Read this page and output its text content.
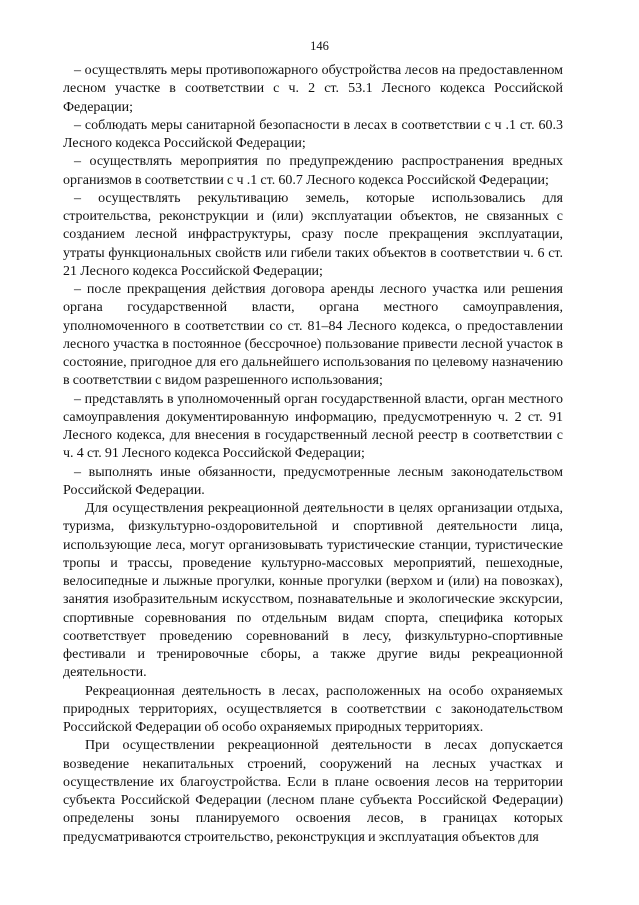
146

– осуществлять меры противопожарного обустройства лесов на предоставленном лесном участке в соответствии с ч. 2 ст. 53.1 Лесного кодекса Российской Федерации;

– соблюдать меры санитарной безопасности в лесах в соответствии с ч .1 ст. 60.3 Лесного кодекса Российской Федерации;

– осуществлять мероприятия по предупреждению распространения вредных организмов в соответствии с ч .1 ст. 60.7 Лесного кодекса Российской Федерации;

– осуществлять рекультивацию земель, которые использовались для строительства, реконструкции и (или) эксплуатации объектов, не связанных с созданием лесной инфраструктуры, сразу после прекращения эксплуатации, утраты функциональных свойств или гибели таких объектов в соответствии ч. 6 ст. 21 Лесного кодекса Российской Федерации;

– после прекращения действия договора аренды лесного участка или решения органа государственной власти, органа местного самоуправления, уполномоченного в соответствии со ст. 81–84 Лесного кодекса, о предоставлении лесного участка в постоянное (бессрочное) пользование привести лесной участок в состояние, пригодное для его дальнейшего использования по целевому назначению в соответствии с видом разрешенного использования;

– представлять в уполномоченный орган государственной власти, орган местного самоуправления документированную информацию, предусмотренную ч. 2 ст. 91 Лесного кодекса, для внесения в государственный лесной реестр в соответствии с ч. 4 ст. 91 Лесного кодекса Российской Федерации;

– выполнять иные обязанности, предусмотренные лесным законодательством Российской Федерации.

Для осуществления рекреационной деятельности в целях организации отдыха, туризма, физкультурно-оздоровительной и спортивной деятельности лица, использующие леса, могут организовывать туристические станции, туристические тропы и трассы, проведение культурно-массовых мероприятий, пешеходные, велосипедные и лыжные прогулки, конные прогулки (верхом и (или) на повозках), занятия изобразительным искусством, познавательные и экологические экскурсии, спортивные соревнования по отдельным видам спорта, специфика которых соответствует проведению соревнований в лесу, физкультурно-спортивные фестивали и тренировочные сборы, а также другие виды рекреационной деятельности.

Рекреационная деятельность в лесах, расположенных на особо охраняемых природных территориях, осуществляется в соответствии с законодательством Российской Федерации об особо охраняемых природных территориях.

При осуществлении рекреационной деятельности в лесах допускается возведение некапитальных строений, сооружений на лесных участках и осуществление их благоустройства. Если в плане освоения лесов на территории субъекта Российской Федерации (лесном плане субъекта Российской Федерации) определены зоны планируемого освоения лесов, в границах которых предусматриваются строительство, реконструкция и эксплуатация объектов для
